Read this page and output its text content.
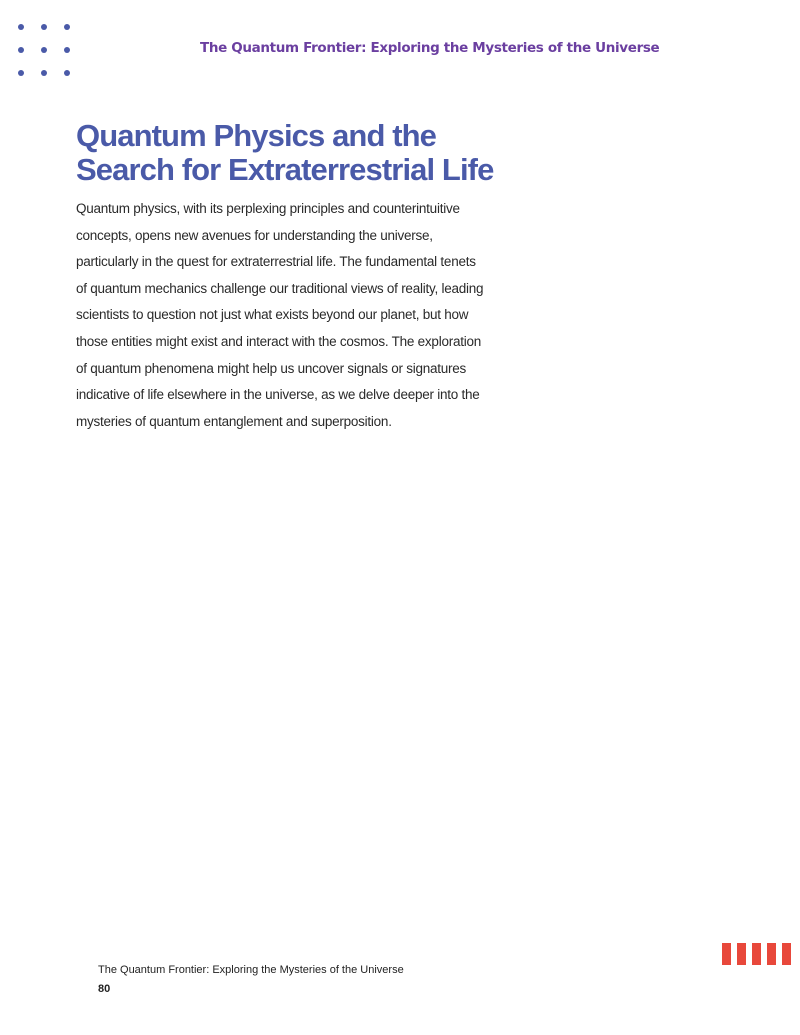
The Quantum Frontier: Exploring the Mysteries of the Universe

Quantum Physics and the Search for Extraterrestrial Life

Quantum physics, with its perplexing principles and counterintuitive concepts, opens new avenues for understanding the universe, particularly in the quest for extraterrestrial life. The fundamental tenets of quantum mechanics challenge our traditional views of reality, leading scientists to question not just what exists beyond our planet, but how those entities might exist and interact with the cosmos. The exploration of quantum phenomena might help us uncover signals or signatures indicative of life elsewhere in the universe, as we delve deeper into the mysteries of quantum entanglement and superposition.

The Quantum Frontier: Exploring the Mysteries of the Universe

80
